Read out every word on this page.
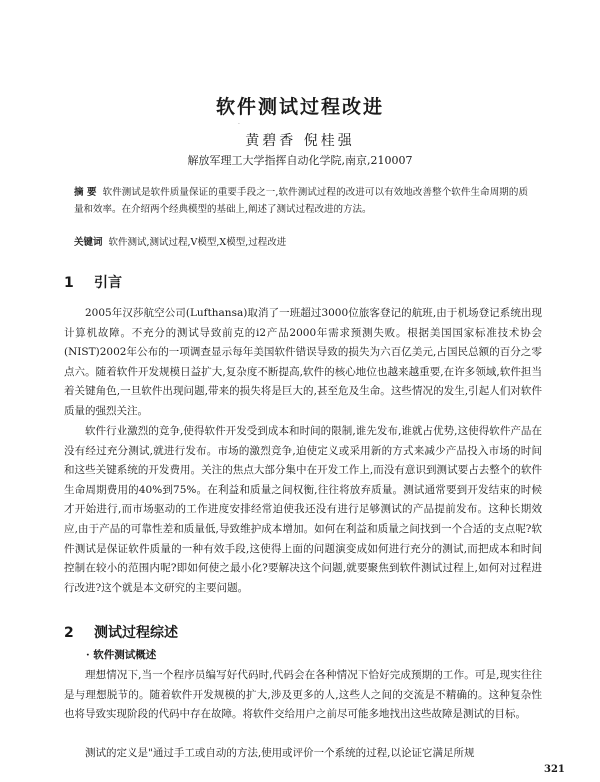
·
软件测试过程改进
黄碧香 倪桂强
解放军理工大学指挥自动化学院,南京,210007
摘 要 软件测试是软件质量保证的重要手段之一,软件测试过程的改进可以有效地改善整个软件生命周期的质量和效率。在介绍两个经典模型的基础上,阐述了测试过程改进的方法。
关键词 软件测试,测试过程,V模型,X模型,过程改进
1 引言

2005年汉莎航空公司(Lufthansa)取消了一班超过3000位旅客登记的航班,由于机场登记系统出现计算机故障。不充分的测试导致前克的i2产品2000年需求预测失败。根据美国国家标准技术协会(NIST)2002年公布的一项调查显示每年美国软件错误导致的损失为六百亿美元,占国民总额的百分之零点六。随着软件开发规模日益扩大,复杂度不断提高,软件的核心地位也越来越重要,在许多领域,软件担当着关键角色,一旦软件出现问题,带来的损失将是巨大的,甚至危及生命。这些情况的发生,引起人们对软件质量的强烈关注。

软件行业激烈的竞争,使得软件开发受到成本和时间的限制,谁先发布,谁就占优势,这使得软件产品在没有经过充分测试,就进行发布。市场的激烈竞争,迫使定义或采用新的方式来减少产品投入市场的时间和这些关键系统的开发费用。关注的焦点大部分集中在开发工作上,而没有意识到测试要占去整个的软件生命周期费用的40%到75%。在利益和质量之间权衡,往往将放弃质量。测试通常要到开发结束的时候才开始进行,而市场驱动的工作进度安排经常迫使我还没有进行足够测试的产品提前发布。这种长期效应,由于产品的可靠性差和质量低,导致维护成本增加。如何在利益和质量之间找到一个合适的支点呢?软件测试是保证软件质量的一种有效手段,这使得上面的问题演变成如何进行充分的测试,而把成本和时间控制在较小的范围内呢?即如何使之最小化?要解决这个问题,就要聚焦到软件测试过程上,如何对过程进行改进?这个就是本文研究的主要问题。

2 测试过程综述
· 软件测试概述

理想情况下,当一个程序员编写好代码时,代码会在各种情况下恰好完成预期的工作。可是,现实往往是与理想脱节的。随着软件开发规模的扩大,涉及更多的人,这些人之间的交流是不精确的。这种复杂性也将导致实现阶段的代码中存在故障。将软件交给用户之前尽可能多地找出这些故障是测试的目标。

测试的定义是"通过手工或自动的方法,使用或评价一个系统的过程,以论证它满足所规

321
